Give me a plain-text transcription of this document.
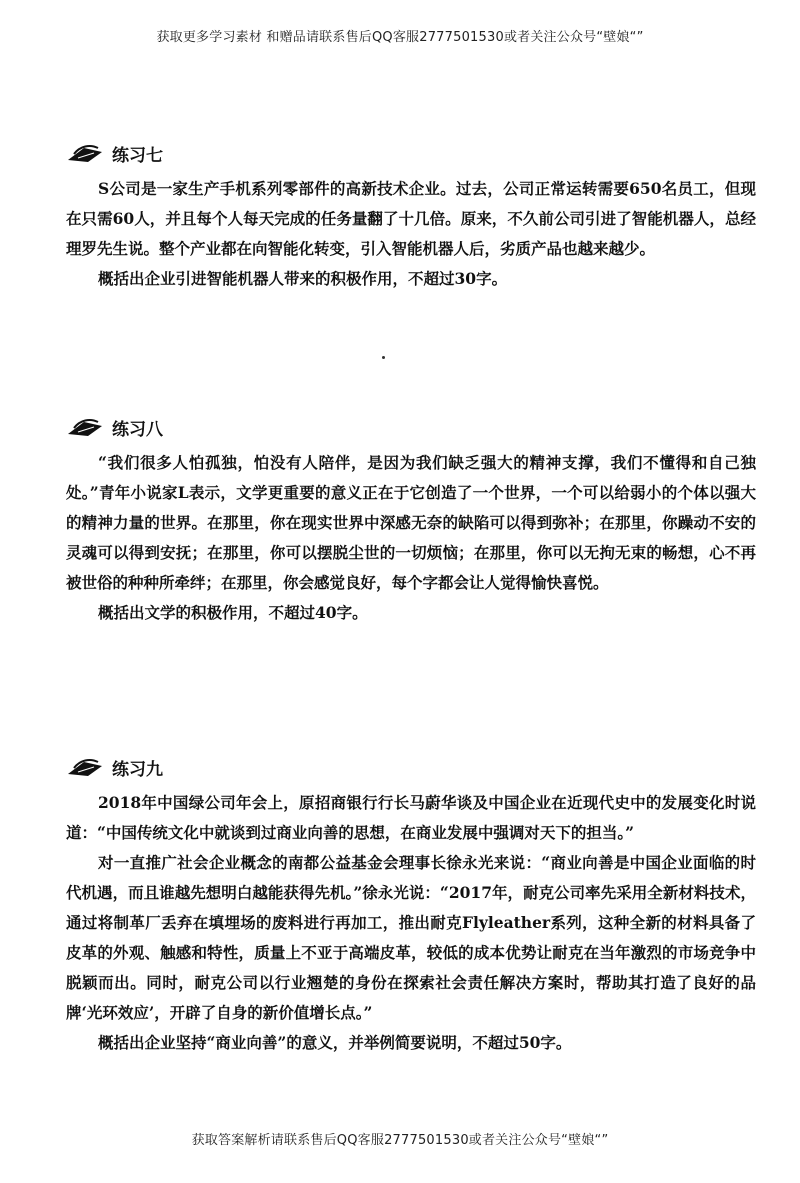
获取更多学习素材 和赠品请联系售后QQ客服2777501530或者关注公众号“壁娘“”
练习七

S公司是一家生产手机系列零部件的高新技术企业。过去，公司正常运转需要650名员工，但现在只需60人，并且每个人每天完成的任务量翻了十几倍。原来，不久前公司引进了智能机器人，总经理罗先生说。整个产业都在向智能化转变，引入智能机器人后，劣质产品也越来越少。

概括出企业引进智能机器人带来的积极作用，不超过30字。

练习八

“我们很多人怕孤独，怕没有人陪伴，是因为我们缺乏强大的精神支撑，我们不懂得和自己独处。”青年小说家L表示，文学更重要的意义正在于它创造了一个世界，一个可以给弱小的个体以强大的精神力量的世界。在那里，你在现实世界中深感无奈的缺陷可以得到弥补；在那里，你躁动不安的灵魂可以得到安抚；在那里，你可以摆脱尘世的一切烦恼；在那里，你可以无拘无束的畅想，心不再被世俗的种种所牵绊；在那里，你会感觉良好，每个字都会让人觉得愉快喜悦。

概括出文学的积极作用，不超过40字。

练习九

2018年中国绿公司年会上，原招商银行行长马蔚华谈及中国企业在近现代史中的发展变化时说道：“中国传统文化中就谈到过商业向善的思想，在商业发展中强调对天下的担当。”

对一直推广社会企业概念的南都公益基金会理事长徐永光来说：“商业向善是中国企业面临的时代机遇，而且谁越先想明白越能获得先机。”徐永光说：“2017年，耐克公司率先采用全新材料技术，通过将制革厂丢弃在填埋场的废料进行再加工，推出耐克Flyleather系列，这种全新的材料具备了皮革的外观、触感和特性，质量上不亚于高端皮革，较低的成本优势让耐克在当年激烈的市场竞争中脱颖而出。同时，耐克公司以行业翘楚的身份在探索社会责任解决方案时，帮助其打造了良好的品牌‘光环效应’，开辟了自身的新价值增长点。”

概括出企业坚持“商业向善”的意义，并举例简要说明，不超过50字。

获取答案解析请联系售后QQ客服2777501530或者关注公众号“壁娘“”
